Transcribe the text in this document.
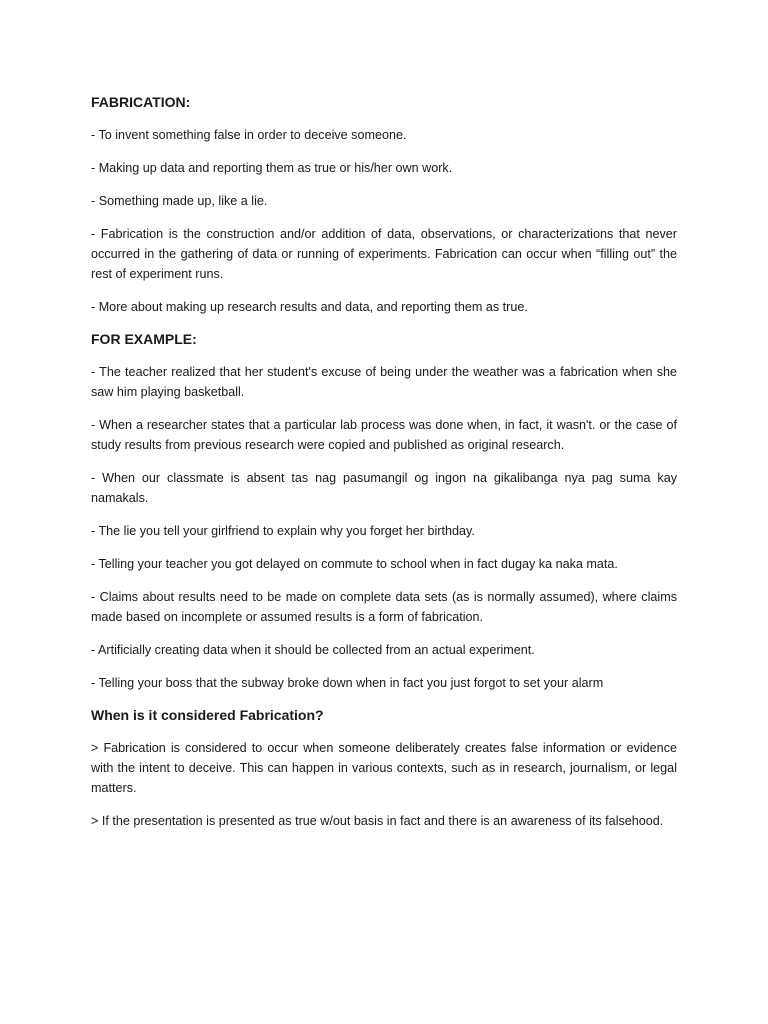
FABRICATION:

- To invent something false in order to deceive someone.

- Making up data and reporting them as true or his/her own work.

- Something made up, like a lie.

- Fabrication is the construction and/or addition of data, observations, or characterizations that never occurred in the gathering of data or running of experiments. Fabrication can occur when “filling out” the rest of experiment runs.

- More about making up research results and data, and reporting them as true.

FOR EXAMPLE:

- The teacher realized that her student's excuse of being under the weather was a fabrication when she saw him playing basketball.

- When a researcher states that a particular lab process was done when, in fact, it wasn't. or the case of study results from previous research were copied and published as original research.

- When our classmate is absent tas nag pasumangil og ingon na gikalibanga nya pag suma kay namakals.

- The lie you tell your girlfriend to explain why you forget her birthday.

- Telling your teacher you got delayed on commute to school when in fact dugay ka naka mata.

- Claims about results need to be made on complete data sets (as is normally assumed), where claims made based on incomplete or assumed results is a form of fabrication.

- Artificially creating data when it should be collected from an actual experiment.

- Telling your boss that the subway broke down when in fact you just forgot to set your alarm

When is it considered Fabrication?

> Fabrication is considered to occur when someone deliberately creates false information or evidence with the intent to deceive. This can happen in various contexts, such as in research, journalism, or legal matters.

> If the presentation is presented as true w/out basis in fact and there is an awareness of its falsehood.
